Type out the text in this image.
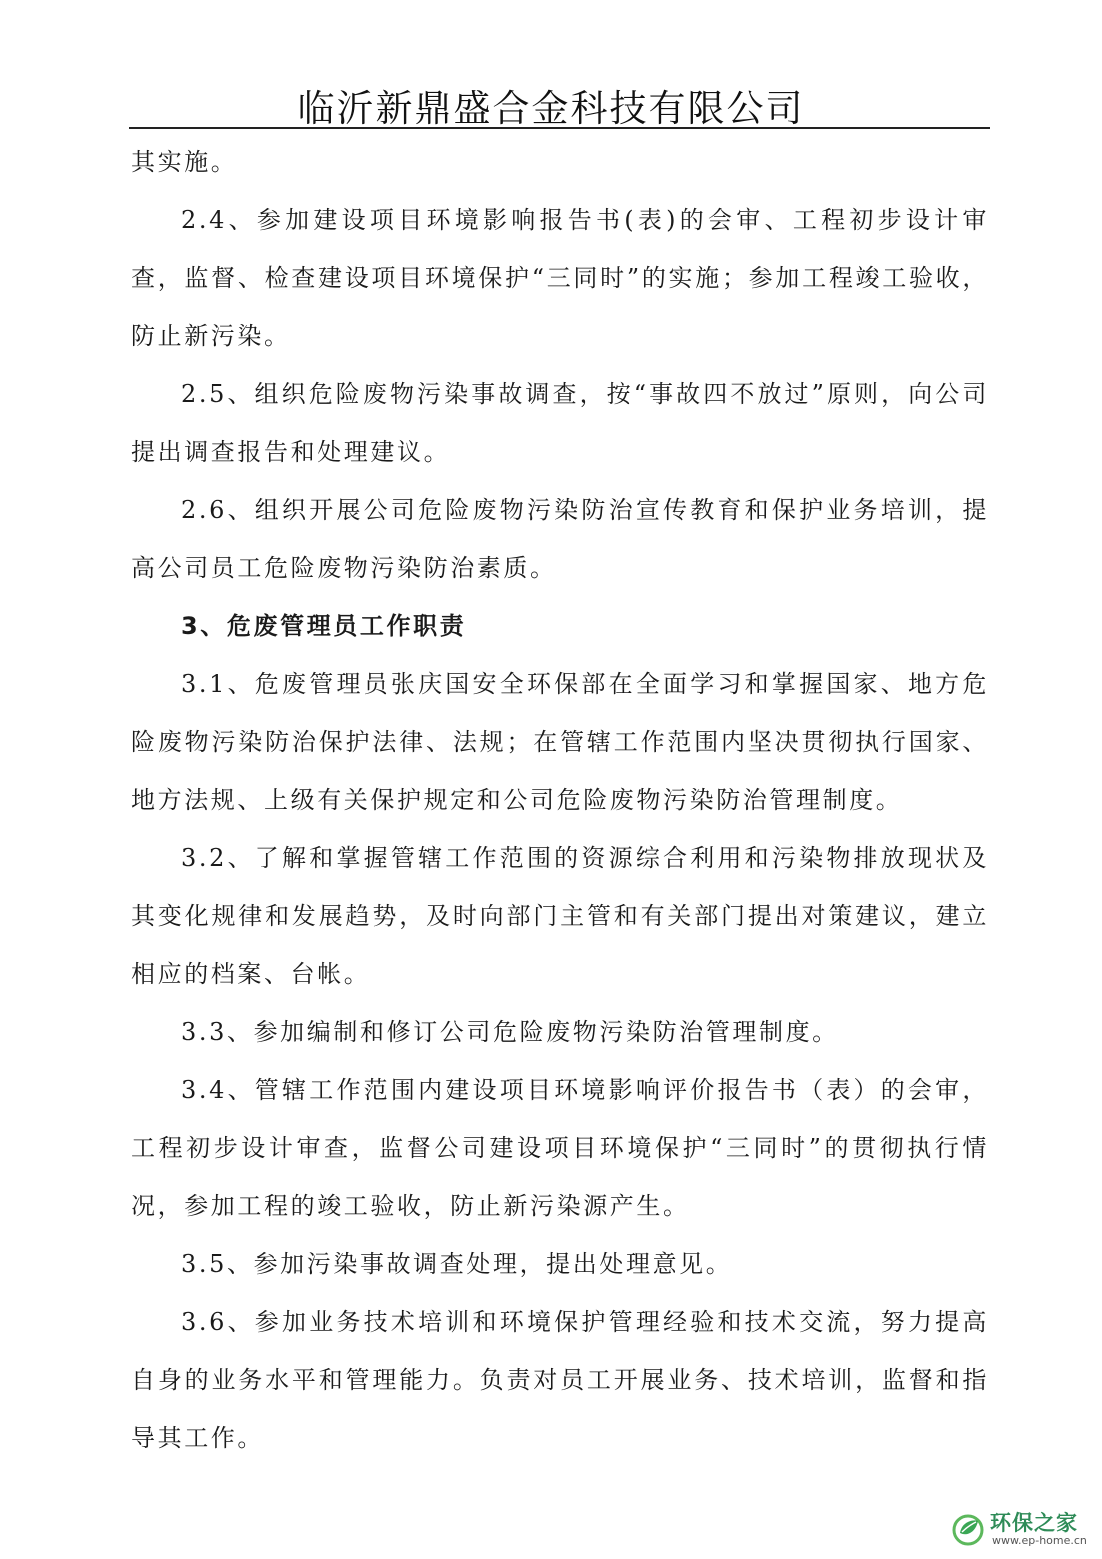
临沂新鼎盛合金科技有限公司

其实施。

2.4、参加建设项目环境影响报告书(表)的会审、工程初步设计审查，监督、检查建设项目环境保护“三同时”的实施；参加工程竣工验收，防止新污染。

2.5、组织危险废物污染事故调查，按“事故四不放过”原则，向公司提出调查报告和处理建议。

2.6、组织开展公司危险废物污染防治宣传教育和保护业务培训，提高公司员工危险废物污染防治素质。

3、危废管理员工作职责

3.1、危废管理员张庆国安全环保部在全面学习和掌握国家、地方危险废物污染防治保护法律、法规；在管辖工作范围内坚决贯彻执行国家、地方法规、上级有关保护规定和公司危险废物污染防治管理制度。

3.2、了解和掌握管辖工作范围的资源综合利用和污染物排放现状及其变化规律和发展趋势，及时向部门主管和有关部门提出对策建议，建立相应的档案、台帐。

3.3、参加编制和修订公司危险废物污染防治管理制度。

3.4、管辖工作范围内建设项目环境影响评价报告书（表）的会审，工程初步设计审查，监督公司建设项目环境保护“三同时”的贯彻执行情况，参加工程的竣工验收，防止新污染源产生。

3.5、参加污染事故调查处理，提出处理意见。

3.6、参加业务技术培训和环境保护管理经验和技术交流，努力提高自身的业务水平和管理能力。负责对员工开展业务、技术培训，监督和指导其工作。

环保之家
www.ep-home.cn
